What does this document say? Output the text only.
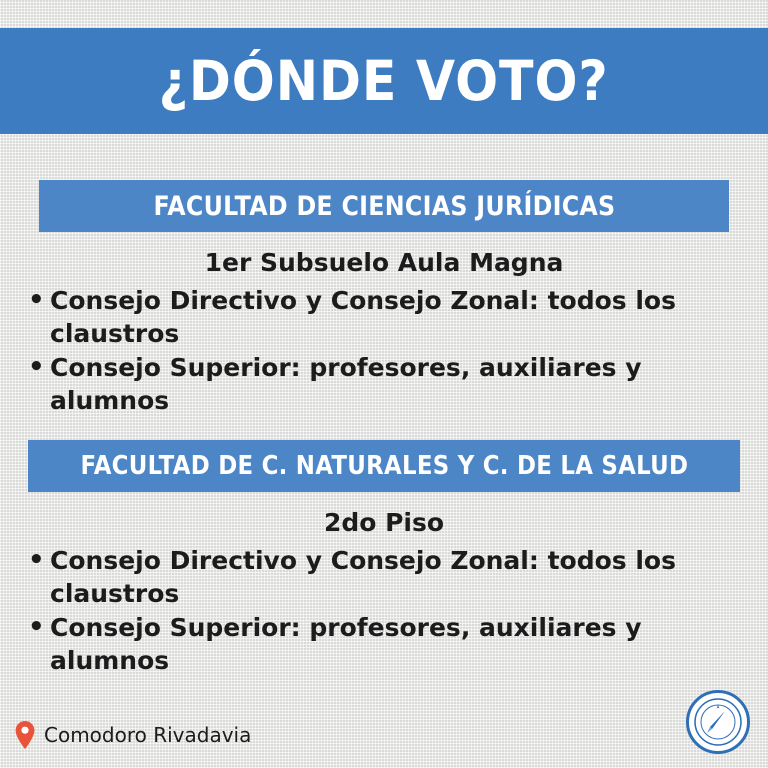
¿DÓNDE VOTO?
FACULTAD DE CIENCIAS JURÍDICAS
1er Subsuelo Aula Magna
• Consejo Directivo y Consejo Zonal: todos los claustros
• Consejo Superior: profesores, auxiliares y alumnos
FACULTAD DE C. NATURALES Y C. DE LA SALUD
2do Piso
• Consejo Directivo y Consejo Zonal: todos los claustros
• Consejo Superior: profesores, auxiliares y alumnos
Comodoro Rivadavia
